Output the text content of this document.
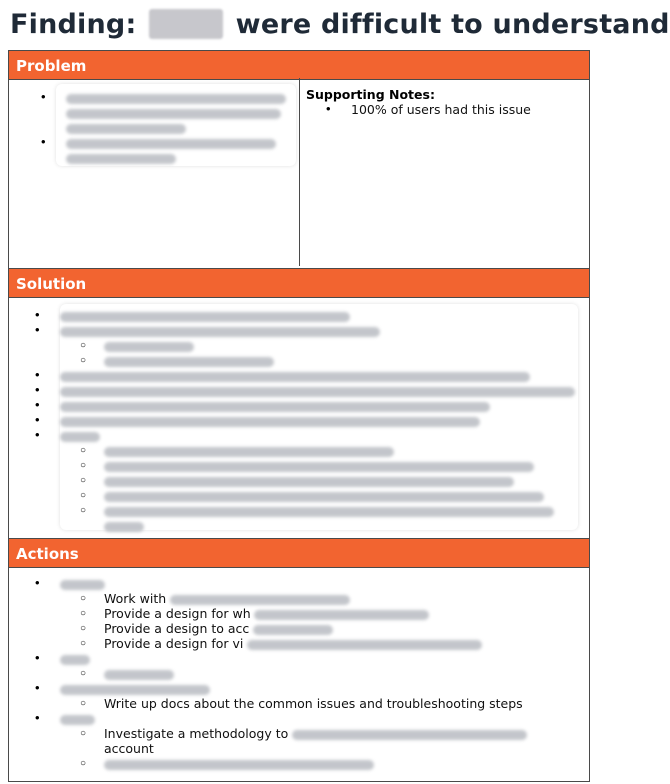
Finding:	were difficult to understand
Problem
•
•
Supporting Notes:
• 100% of users had this issue
Solution
•
•
○
○
•
•
•
•
•
○
○
○
○
○
Actions
•
○ Work with
○ Provide a design for wh
○ Provide a design to acc
○ Provide a design for vi
•
○
•
○ Write up docs about the common issues and troubleshooting steps
•
○ Investigate a methodology to
account
○
